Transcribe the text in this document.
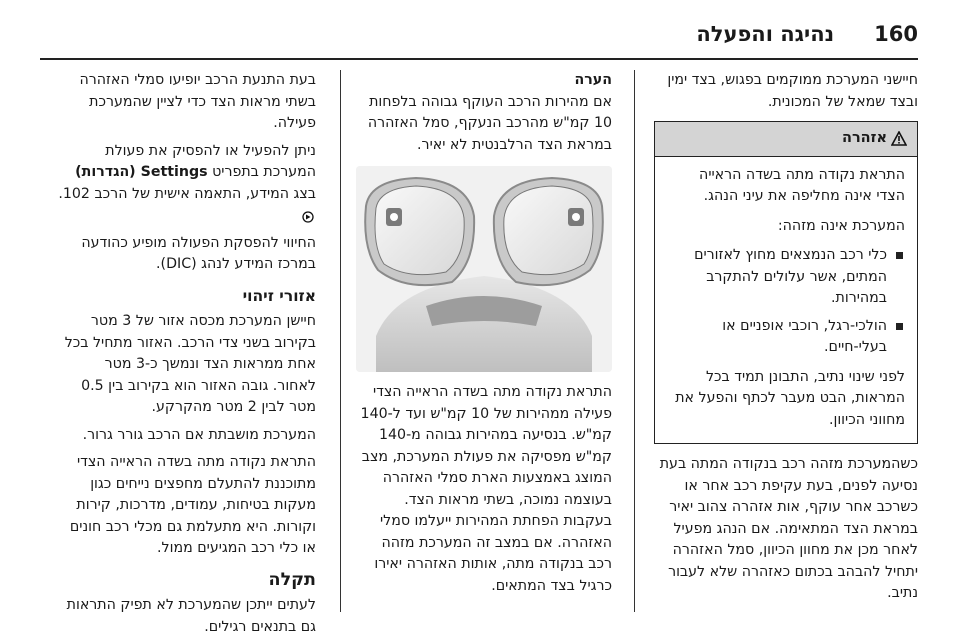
160
נהיגה והפעלה

חיישני המערכת ממוקמים בפגוש, בצד ימין ובצד שמאל של המכונית.

אזהרה

התראת נקודה מתה בשדה הראייה הצדי אינה מחליפה את עיני הנהג.

המערכת אינה מזהה:

כלי רכב הנמצאים מחוץ לאזורים המתים, אשר עלולים להתקרב במהירות.
הולכי-רגל, רוכבי אופניים או בעלי-חיים.

לפני שינוי נתיב, התבונן תמיד בכל המראות, הבט מעבר לכתף והפעל את מחווני הכיוון.

כשהמערכת מזהה רכב בנקודה המתה בעת נסיעה לפנים, בעת עקיפת רכב אחר או כשרכב אחר עוקף, אות אזהרה צהוב יאיר במראת הצד המתאימה. אם הנהג מפעיל לאחר מכן את מחוון הכיוון, סמל האזהרה יתחיל להבהב בכתום כאזהרה שלא לעבור נתיב.

הערה

אם מהירות הרכב העוקף גבוהה בלפחות 10 קמ"ש מהרכב הנעקף, סמל האזהרה במראת הצד הרלבנטית לא יאיר.

התראת נקודה מתה בשדה הראייה הצדי פעילה ממהירות של 10 קמ"ש ועד ל-140 קמ"ש. בנסיעה במהירות גבוהה מ-140 קמ"ש מפסיקה את פעולת המערכת, מצב המוצג באמצעות הארת סמלי האזהרה בעוצמה נמוכה, בשתי מראות הצד. בעקבות הפחתת המהירות ייעלמו סמלי האזהרה. אם במצב זה המערכת מזהה רכב בנקודה מתה, אותות האזהרה יאירו כרגיל בצד המתאים.

בעת התנעת הרכב יופיעו סמלי האזהרה בשתי מראות הצד כדי לציין שהמערכת פעילה.

ניתן להפעיל או להפסיק את פעולת המערכת בתפריט Settings (הגדרות) בצג המידע, התאמה אישית של הרכב 102.

החיווי להפסקת הפעולה מופיע כהודעה במרכז המידע לנהג (DIC).

אזורי זיהוי

חיישן המערכת מכסה אזור של 3 מטר בקירוב בשני צדי הרכב. האזור מתחיל בכל אחת ממראות הצד ונמשך כ-3 מטר לאחור. גובה האזור הוא בקירוב בין 0.5 מטר לבין 2 מטר מהקרקע.

המערכת מושבתת אם הרכב גורר גרור.

התראת נקודה מתה בשדה הראייה הצדי מתוכננת להתעלם מחפצים נייחים כגון מעקות בטיחות, עמודים, מדרכות, קירות וקורות. היא מתעלמת גם מכלי רכב חונים או כלי רכב המגיעים ממול.

תקלה

לעתים ייתכן שהמערכת לא תפיק התראות גם בתנאים רגילים.
